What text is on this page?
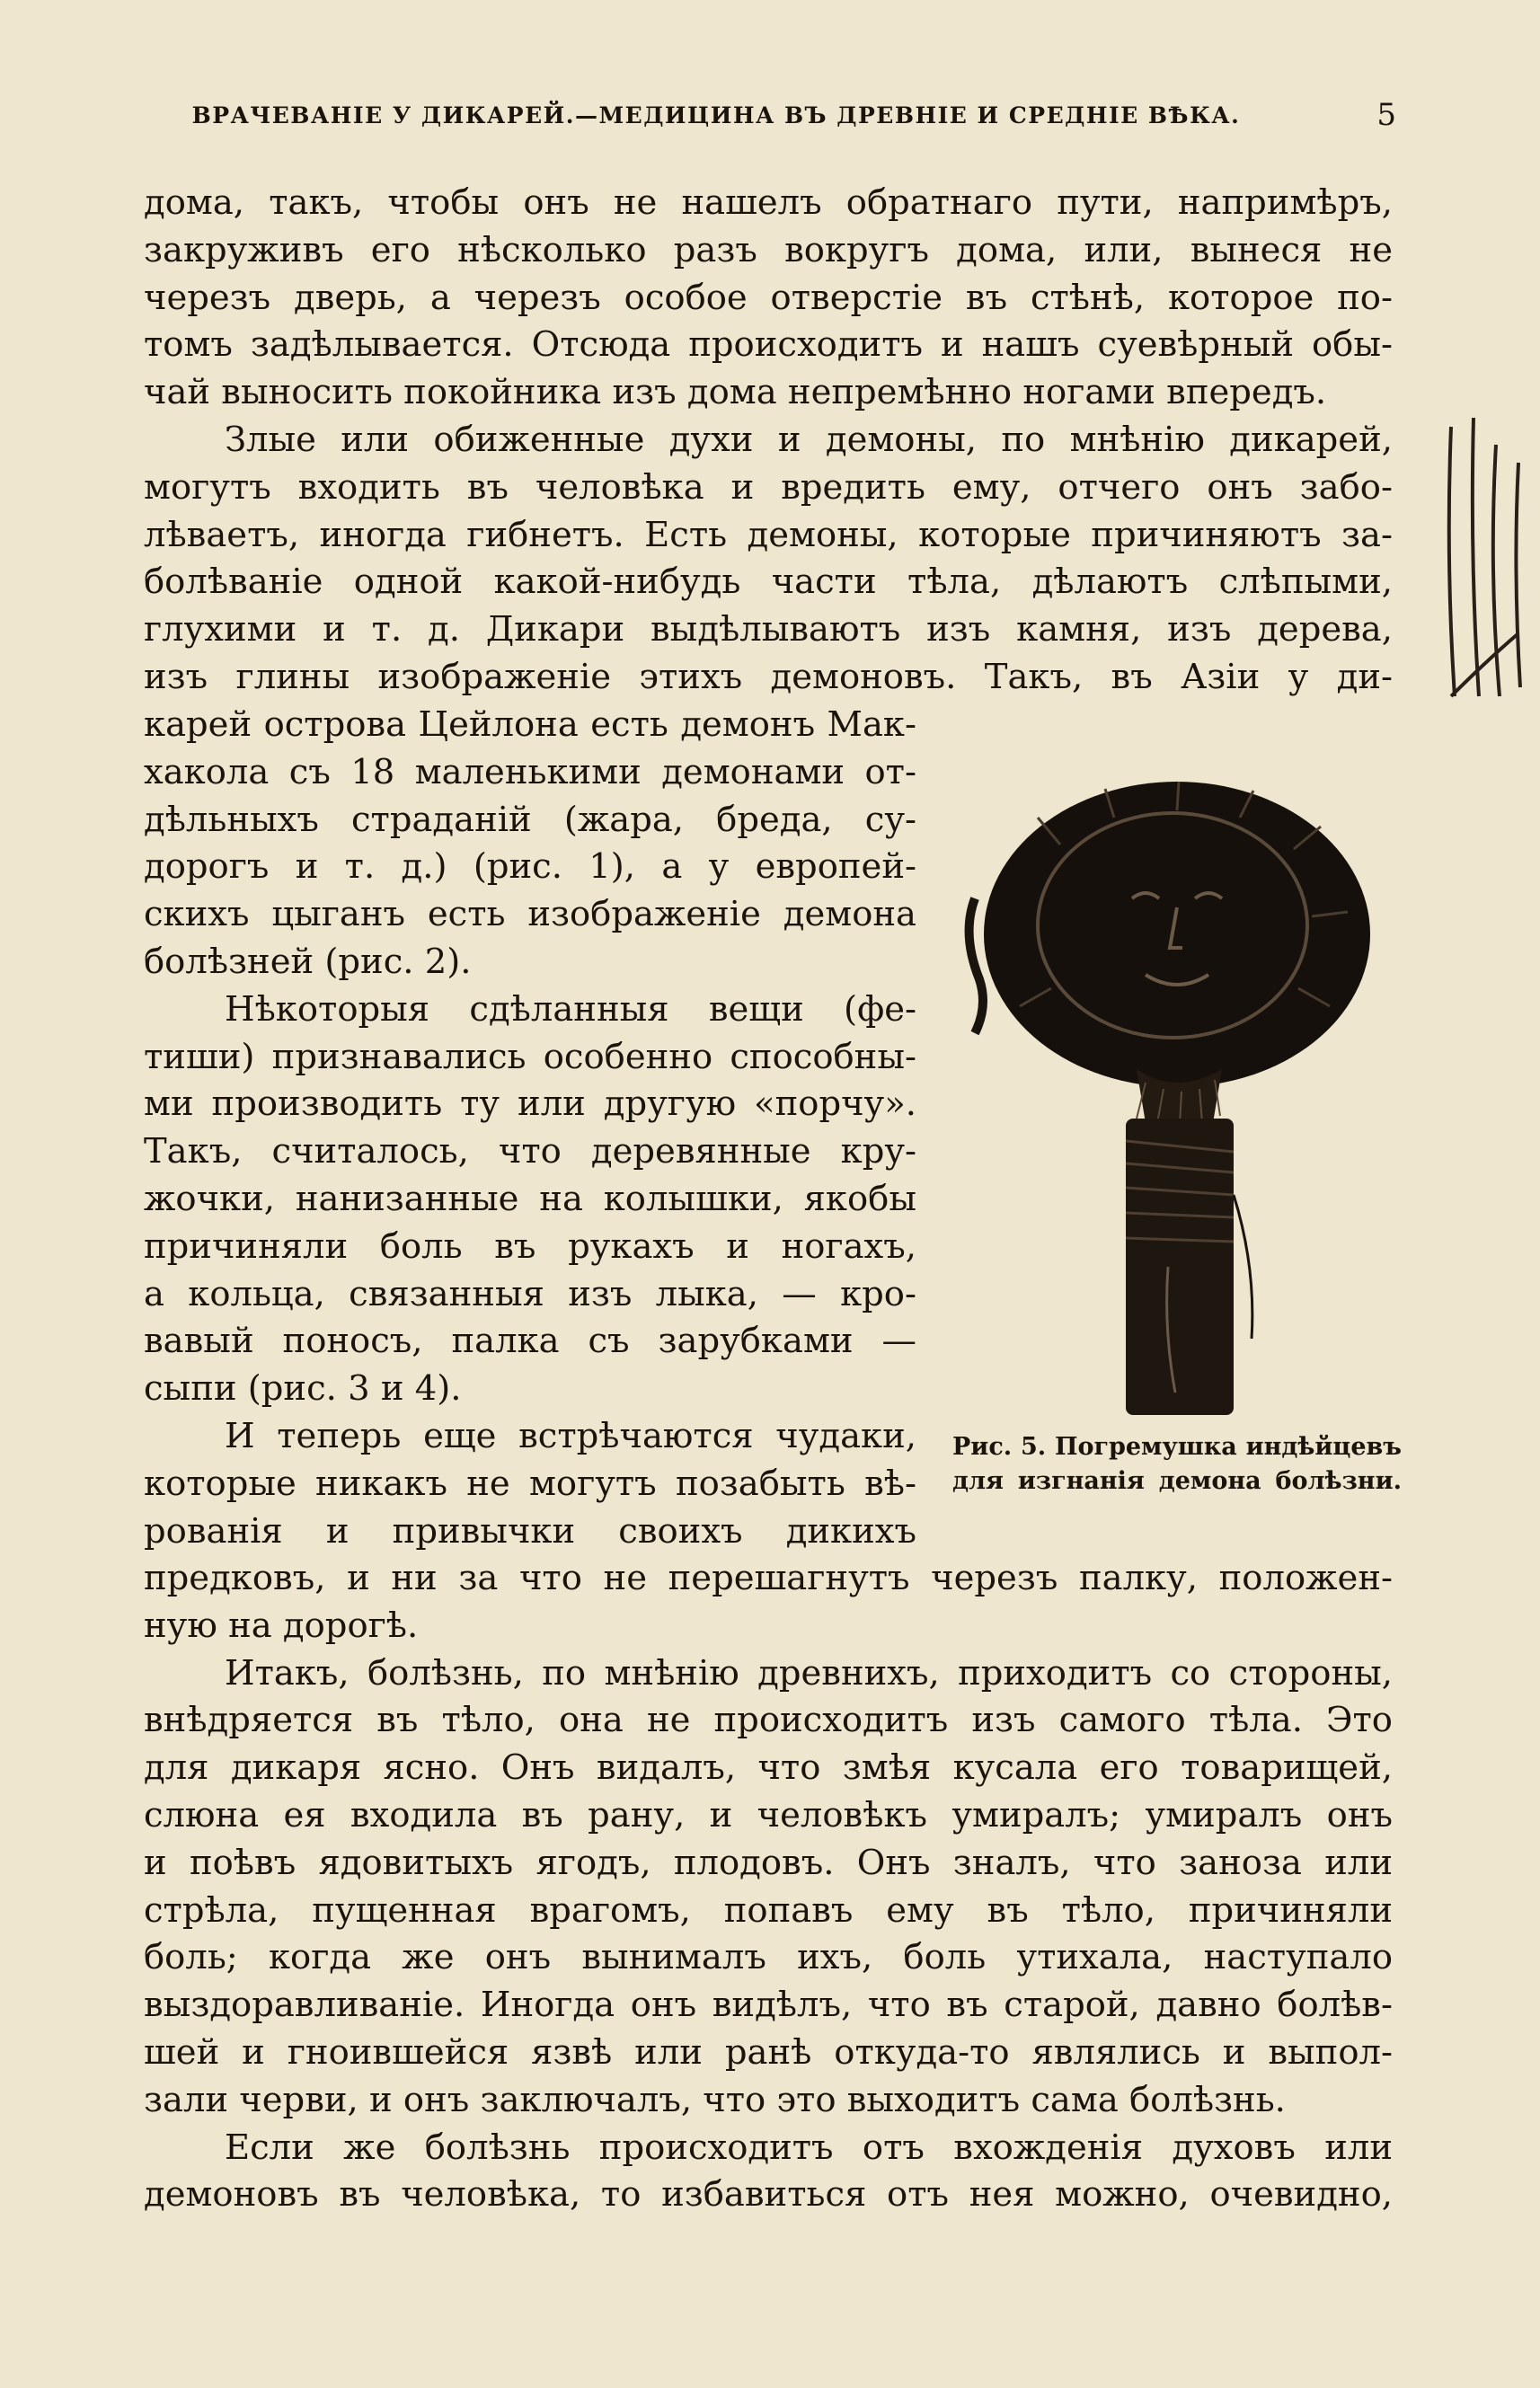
ВРАЧЕВАНІЕ У ДИКАРЕЙ.—МЕДИЦИНА ВЪ ДРЕВНІЕ И СРЕДНІЕ ВѢКА.	5
дома, такъ, чтобы онъ не нашелъ обратнаго пути, напримѣръ,
закруживъ его нѣсколько разъ вокругъ дома, или, вынеся не
черезъ дверь, а черезъ особое отверстіе въ стѣнѣ, которое по-
томъ задѣлывается. Отсюда происходитъ и нашъ суевѣрный обы-
чай выносить покойника изъ дома непремѣнно ногами впередъ.
Злые или обиженные духи и демоны, по мнѣнію дикарей,
могутъ входить въ человѣка и вредить ему, отчего онъ забо-
лѣваетъ, иногда гибнетъ. Есть демоны, которые причиняютъ за-
болѣваніе одной какой-нибудь части тѣла, дѣлаютъ слѣпыми,
глухими и т. д. Дикари выдѣлываютъ изъ камня, изъ дерева,
изъ глины изображеніе этихъ демоновъ. Такъ, въ Азіи у ди-
карей острова Цейлона есть демонъ Мак-
хакола съ 18 маленькими демонами от-
дѣльныхъ страданій (жара, бреда, су-
дорогъ и т. д.) (рис. 1), а у европей-
скихъ цыганъ есть изображеніе демона
болѣзней (рис. 2).
Нѣкоторыя сдѣланныя вещи (фе-
тиши) признавались особенно способны-
ми производить ту или другую «порчу».
Такъ, считалось, что деревянные кру-
жочки, нанизанные на колышки, якобы
причиняли боль въ рукахъ и ногахъ,
а кольца, связанныя изъ лыка, — кро-
вавый поносъ, палка съ зарубками —
сыпи (рис. 3 и 4).
И теперь еще встрѣчаются чудаки,
которые никакъ не могутъ позабыть вѣ-
рованія и привычки своихъ дикихъ
предковъ, и ни за что не перешагнутъ черезъ палку, положен-
ную на дорогѣ.
Итакъ, болѣзнь, по мнѣнію древнихъ, приходитъ со стороны,
внѣдряется въ тѣло, она не происходитъ изъ самого тѣла. Это
для дикаря ясно. Онъ видалъ, что змѣя кусала его товарищей,
слюна ея входила въ рану, и человѣкъ умиралъ; умиралъ онъ
и поѣвъ ядовитыхъ ягодъ, плодовъ. Онъ зналъ, что заноза или
стрѣла, пущенная врагомъ, попавъ ему въ тѣло, причиняли
боль; когда же онъ вынималъ ихъ, боль утихала, наступало
выздоравливаніе. Иногда онъ видѣлъ, что въ старой, давно болѣв-
шей и гноившейся язвѣ или ранѣ откуда-то являлись и выпол-
зали черви, и онъ заключалъ, что это выходитъ сама болѣзнь.
Если же болѣзнь происходитъ отъ вхожденія духовъ или
демоновъ въ человѣка, то избавиться отъ нея можно, очевидно,
Рис. 5. Погремушка индѣйцевъ
для изгнанія демона болѣзни.
